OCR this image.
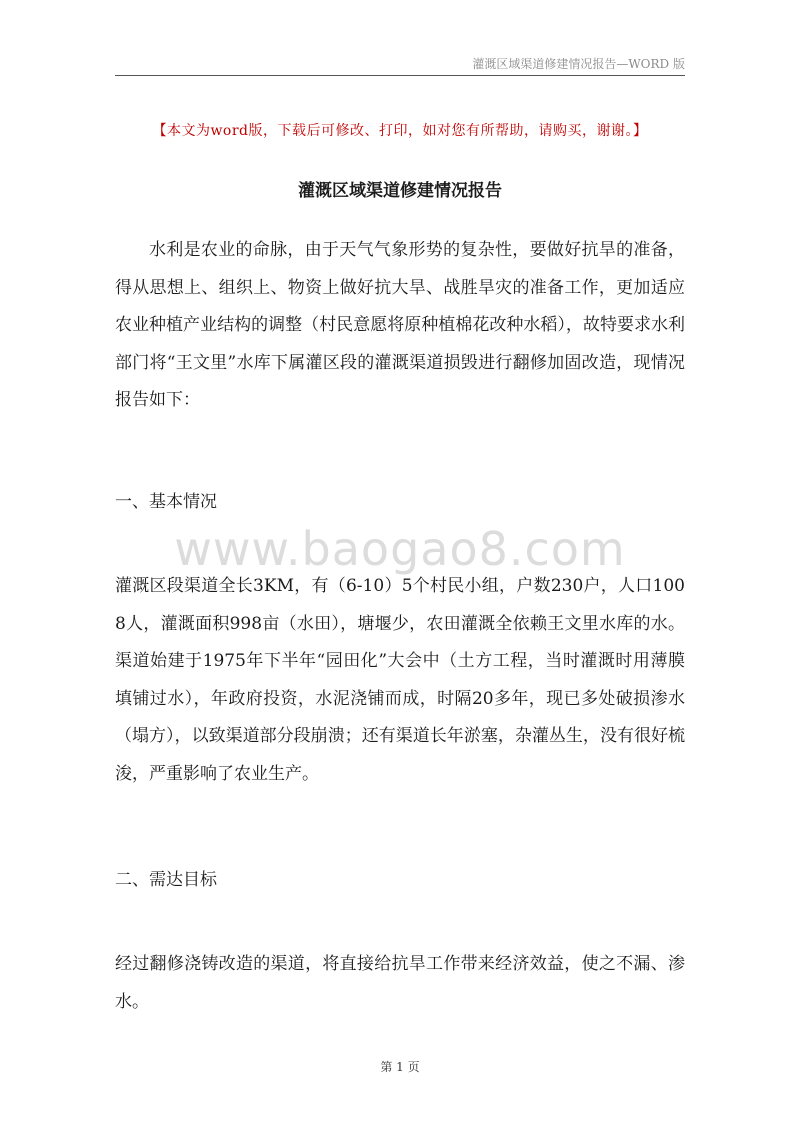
灌溉区域渠道修建情况报告—WORD 版
【本文为word版，下载后可修改、打印，如对您有所帮助，请购买，谢谢。】
灌溉区域渠道修建情况报告

水利是农业的命脉，由于天气气象形势的复杂性，要做好抗旱的准备，得从思想上、组织上、物资上做好抗大旱、战胜旱灾的准备工作，更加适应农业种植产业结构的调整（村民意愿将原种植棉花改种水稻），故特要求水利部门将“王文里”水库下属灌区段的灌溉渠道损毁进行翻修加固改造，现情况报告如下：

一、基本情况

www.baogao8.com

灌溉区段渠道全长3KM，有（6-10）5个村民小组，户数230户，人口1008人，灌溉面积998亩（水田），塘堰少，农田灌溉全依赖王文里水库的水。渠道始建于1975年下半年“园田化”大会中（土方工程，当时灌溉时用薄膜填铺过水），年政府投资，水泥浇铺而成，时隔20多年，现已多处破损渗水（塌方），以致渠道部分段崩溃；还有渠道长年淤塞，杂灌丛生，没有很好梳浚，严重影响了农业生产。

二、需达目标

经过翻修浇铸改造的渠道，将直接给抗旱工作带来经济效益，使之不漏、渗水。

第 1 页
